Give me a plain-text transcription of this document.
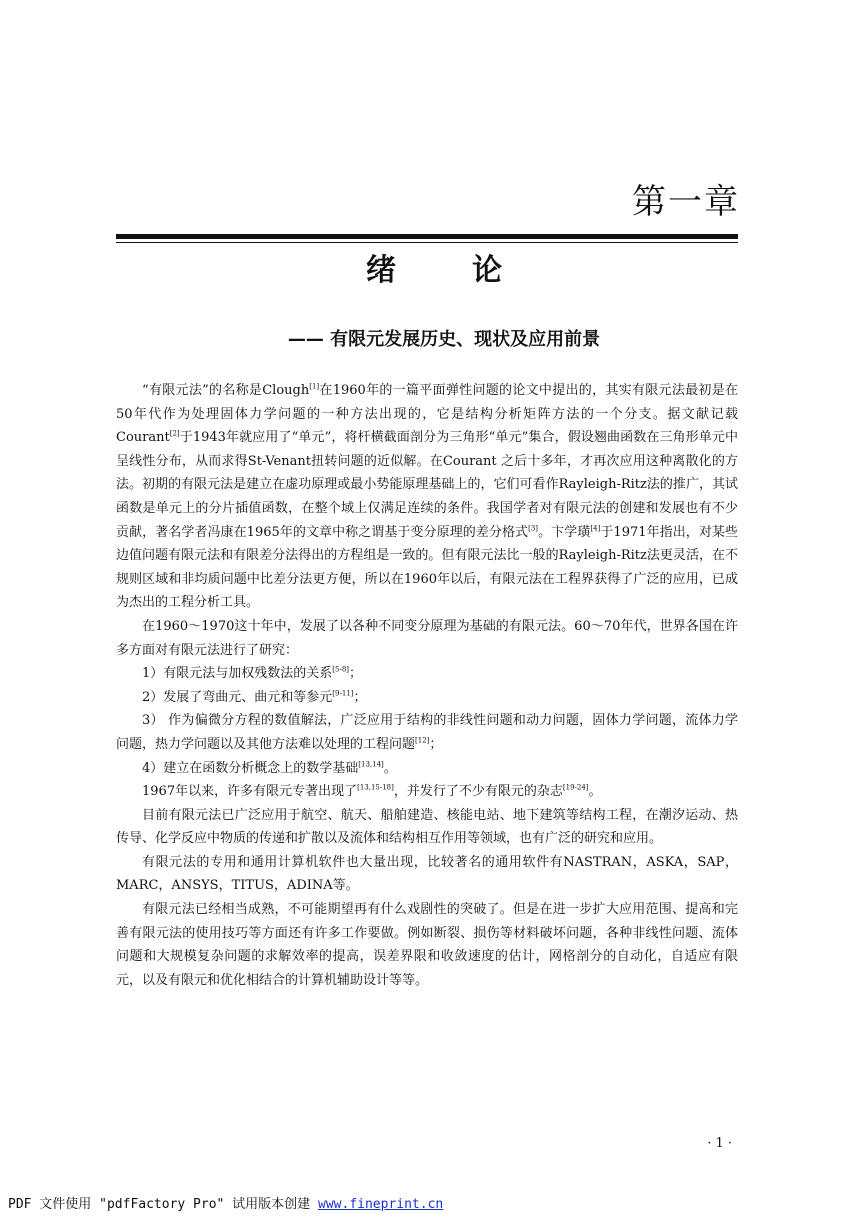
第一章
绪	论
—— 有限元发展历史、现状及应用前景

“有限元法”的名称是Clough[1]在1960年的一篇平面弹性问题的论文中提出的，其实有限元法最初是在50年代作为处理固体力学问题的一种方法出现的，它是结构分析矩阵方法的一个分支。据文献记载Courant[2]于1943年就应用了“单元”，将杆横截面剖分为三角形“单元”集合，假设翘曲函数在三角形单元中呈线性分布，从而求得St-Venant扭转问题的近似解。在Courant 之后十多年，才再次应用这种离散化的方法。初期的有限元法是建立在虚功原理或最小势能原理基础上的，它们可看作Rayleigh-Ritz法的推广，其试函数是单元上的分片插值函数，在整个域上仅满足连续的条件。我国学者对有限元法的创建和发展也有不少贡献，著名学者冯康在1965年的文章中称之谓基于变分原理的差分格式[3]。卞学璜[4]于1971年指出，对某些边值问题有限元法和有限差分法得出的方程组是一致的。但有限元法比一般的Rayleigh-Ritz法更灵活，在不规则区域和非均质问题中比差分法更方便，所以在1960年以后，有限元法在工程界获得了广泛的应用，已成为杰出的工程分析工具。

在1960～1970这十年中，发展了以各种不同变分原理为基础的有限元法。60～70年代，世界各国在许多方面对有限元法进行了研究：

1）有限元法与加权残数法的关系[5-8]；

2）发展了弯曲元、曲元和等参元[9-11]；

3） 作为偏微分方程的数值解法，广泛应用于结构的非线性问题和动力问题，固体力学问题，流体力学问题，热力学问题以及其他方法难以处理的工程问题[12]；

4）建立在函数分析概念上的数学基础[13,14]。

1967年以来，许多有限元专著出现了[13,15-18]，并发行了不少有限元的杂志[19-24]。

目前有限元法已广泛应用于航空、航天、船舶建造、核能电站、地下建筑等结构工程，在潮汐运动、热传导、化学反应中物质的传递和扩散以及流体和结构相互作用等领域，也有广泛的研究和应用。

有限元法的专用和通用计算机软件也大量出现，比较著名的通用软件有NASTRAN，ASKA，SAP，MARC，ANSYS，TITUS，ADINA等。

有限元法已经相当成熟，不可能期望再有什么戏剧性的突破了。但是在进一步扩大应用范围、提高和完善有限元法的使用技巧等方面还有许多工作要做。例如断裂、损伤等材料破坏问题，各种非线性问题、流体问题和大规模复杂问题的求解效率的提高，误差界限和收敛速度的估计，网格剖分的自动化，自适应有限元，以及有限元和优化相结合的计算机辅助设计等等。

· 1 ·
PDF 文件使用 "pdfFactory Pro" 试用版本创建 www.fineprint.cn
